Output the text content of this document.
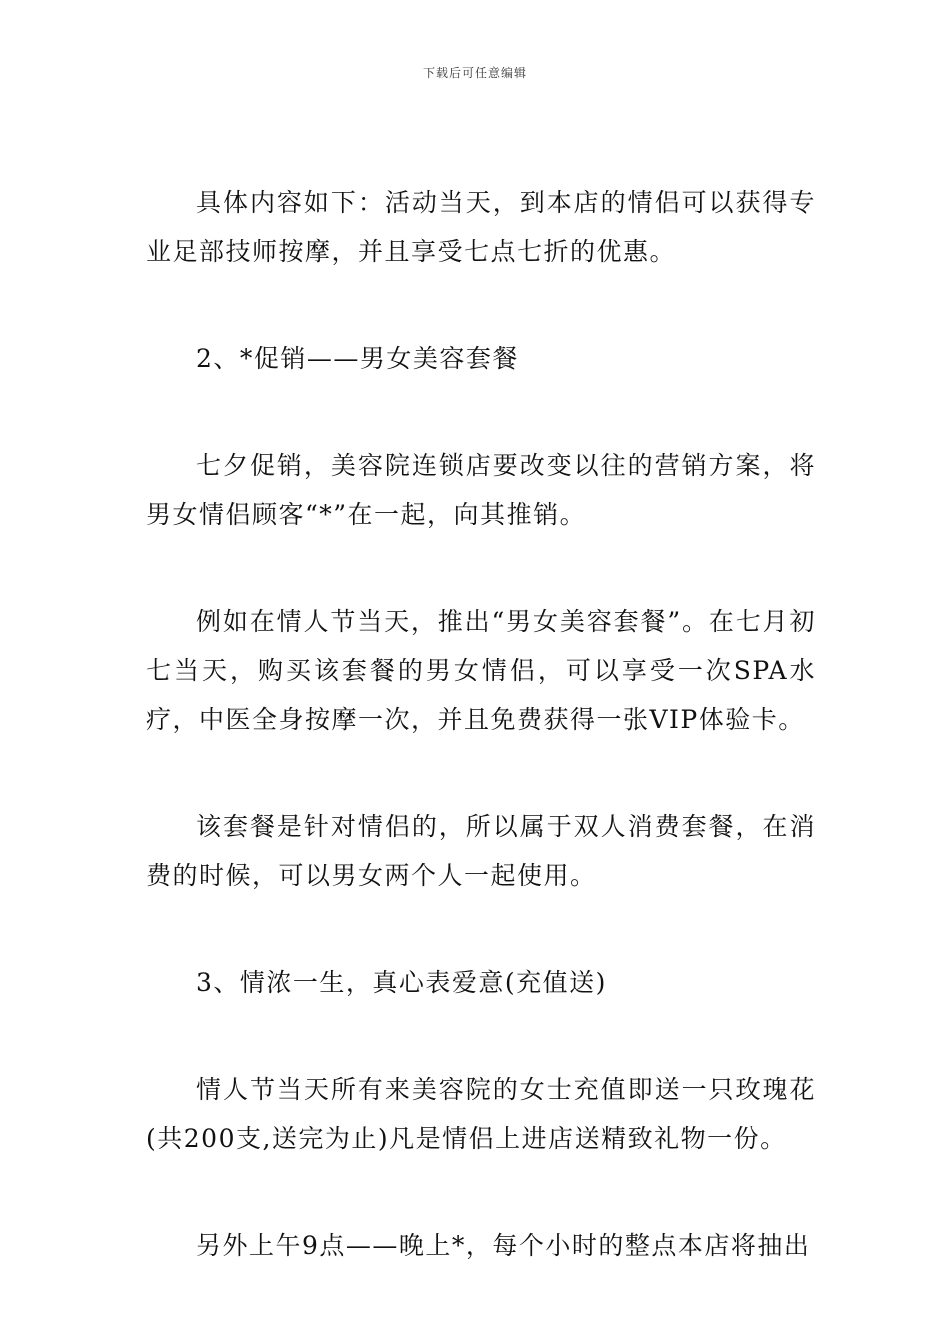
下载后可任意编辑

具体内容如下：活动当天，到本店的情侣可以获得专业足部技师按摩，并且享受七点七折的优惠。

2、*促销——男女美容套餐

七夕促销，美容院连锁店要改变以往的营销方案，将男女情侣顾客“*”在一起，向其推销。

例如在情人节当天，推出“男女美容套餐”。在七月初七当天，购买该套餐的男女情侣，可以享受一次SPA水疗，中医全身按摩一次，并且免费获得一张VIP体验卡。

该套餐是针对情侣的，所以属于双人消费套餐，在消费的时候，可以男女两个人一起使用。

3、情浓一生，真心表爱意(充值送)

情人节当天所有来美容院的女士充值即送一只玫瑰花(共200支,送完为止)凡是情侣上进店送精致礼物一份。

另外上午9点——晚上*，每个小时的整点本店将抽出
